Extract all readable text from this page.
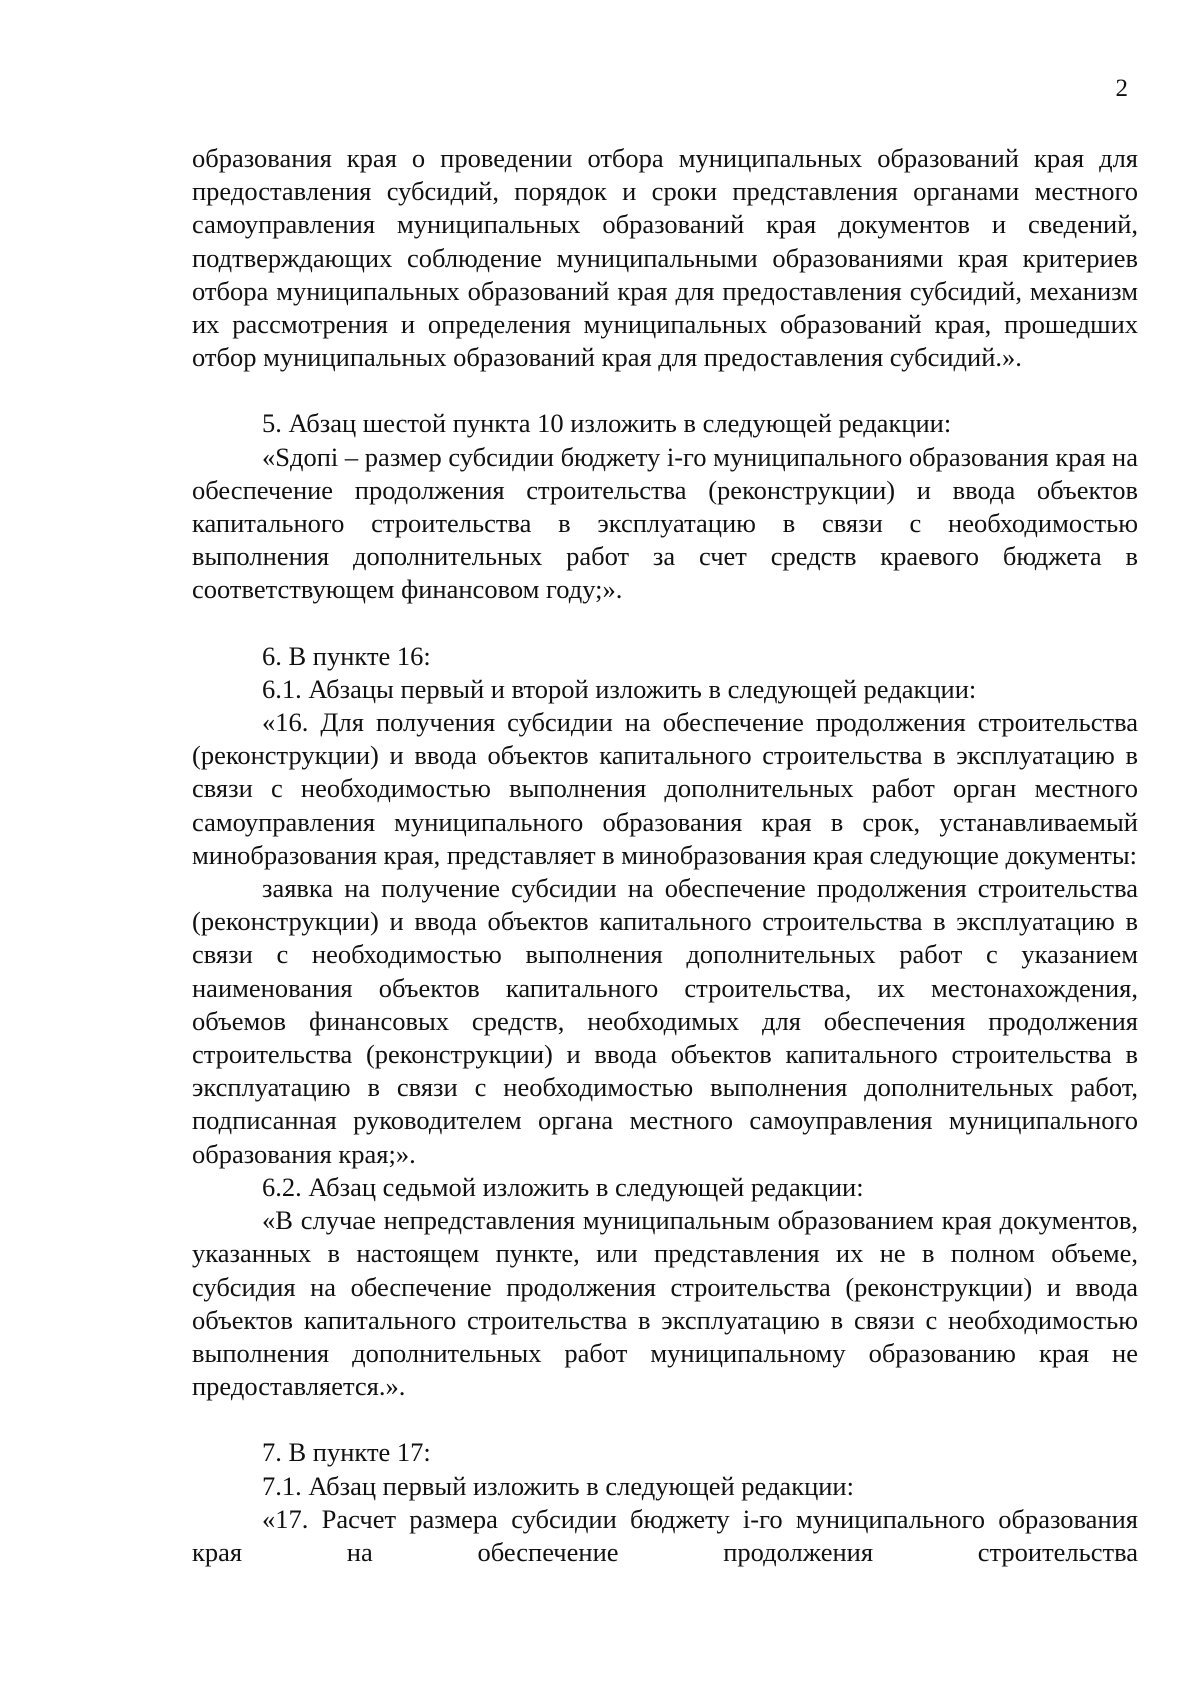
2

образования края о проведении отбора муниципальных образований края для предоставления субсидий, порядок и сроки представления органами местного самоуправления муниципальных образований края документов и сведений, подтверждающих соблюдение муниципальными образованиями края критериев отбора муниципальных образований края для предоставления субсидий, механизм их рассмотрения и определения муниципальных образований края, прошедших отбор муниципальных образований края для предоставления субсидий.».

5. Абзац шестой пункта 10 изложить в следующей редакции:

«Sдопi – размер субсидии бюджету i-го муниципального образования края на обеспечение продолжения строительства (реконструкции) и ввода объектов капитального строительства в эксплуатацию в связи с необходимостью выполнения дополнительных работ за счет средств краевого бюджета в соответствующем финансовом году;».

6. В пункте 16:

6.1. Абзацы первый и второй изложить в следующей редакции:

«16. Для получения субсидии на обеспечение продолжения строительства (реконструкции) и ввода объектов капитального строительства в эксплуатацию в связи с необходимостью выполнения дополнительных работ орган местного самоуправления муниципального образования края в срок, устанавливаемый минобразования края, представляет в минобразования края следующие документы:

заявка на получение субсидии на обеспечение продолжения строительства (реконструкции) и ввода объектов капитального строительства в эксплуатацию в связи с необходимостью выполнения дополнительных работ с указанием наименования объектов капитального строительства, их местонахождения, объемов финансовых средств, необходимых для обеспечения продолжения строительства (реконструкции) и ввода объектов капитального строительства в эксплуатацию в связи с необходимостью выполнения дополнительных работ, подписанная руководителем органа местного самоуправления муниципального образования края;».

6.2. Абзац седьмой изложить в следующей редакции:

«В случае непредставления муниципальным образованием края документов, указанных в настоящем пункте, или представления их не в полном объеме, субсидия на обеспечение продолжения строительства (реконструкции) и ввода объектов капитального строительства в эксплуатацию в связи с необходимостью выполнения дополнительных работ муниципальному образованию края не предоставляется.».

7. В пункте 17:

7.1. Абзац первый изложить в следующей редакции:

«17. Расчет размера субсидии бюджету i-го муниципального образования края на обеспечение продолжения строительства
